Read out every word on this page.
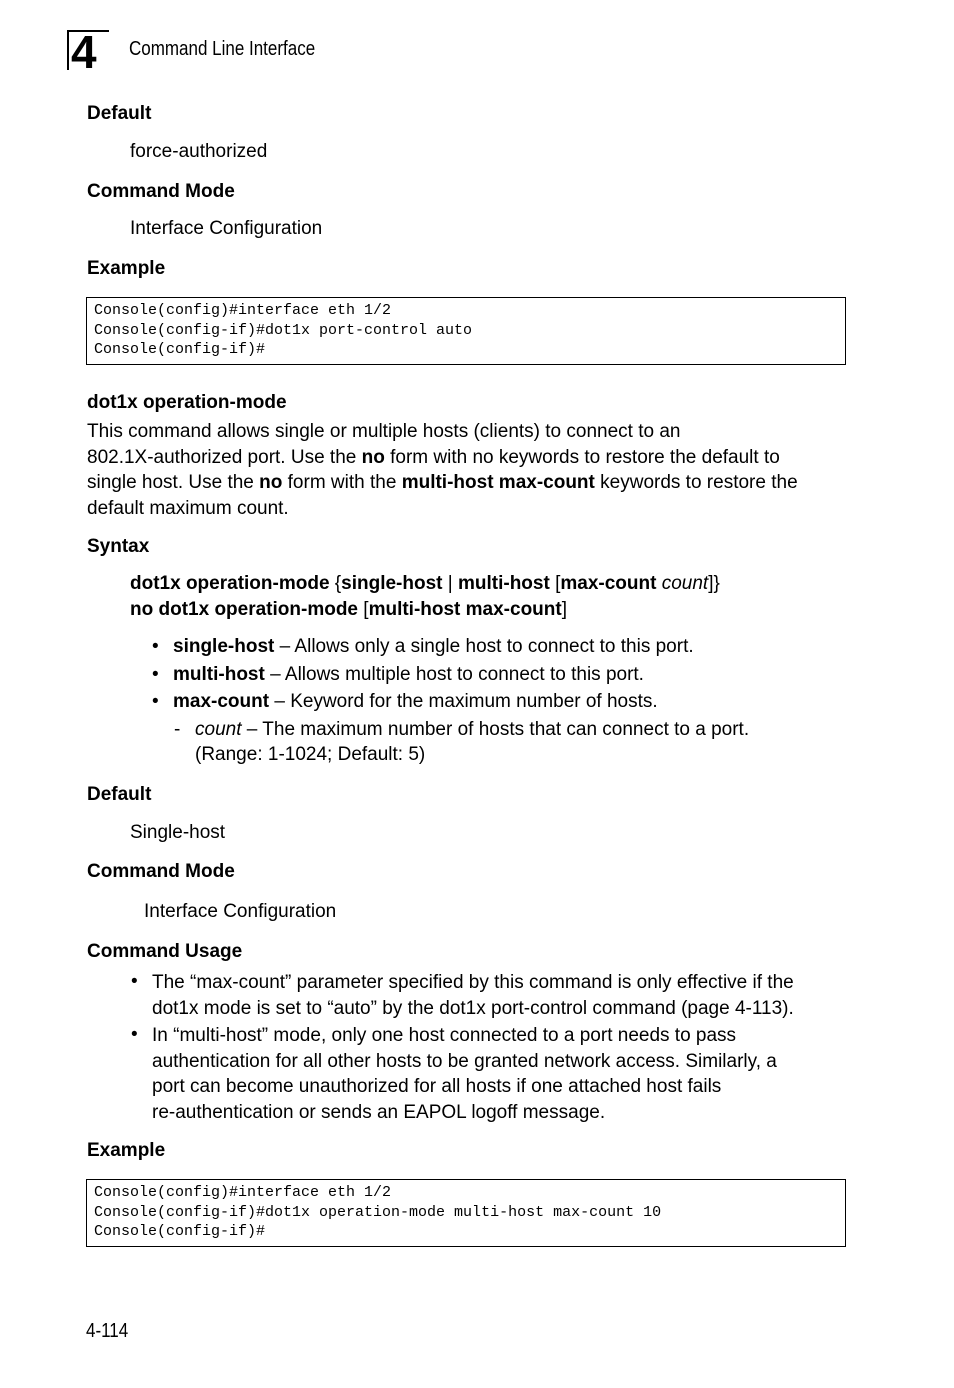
4	Command Line Interface
Default
force-authorized
Command Mode
Interface Configuration
Example
Console(config)#interface eth 1/2
Console(config-if)#dot1x port-control auto
Console(config-if)#
dot1x operation-mode
This command allows single or multiple hosts (clients) to connect to an
802.1X-authorized port. Use the no form with no keywords to restore the default to
single host. Use the no form with the multi-host max-count keywords to restore the
default maximum count.
Syntax
dot1x operation-mode {single-host | multi-host [max-count count]}
no dot1x operation-mode [multi-host max-count]
• single-host – Allows only a single host to connect to this port.
• multi-host – Allows multiple host to connect to this port.
• max-count – Keyword for the maximum number of hosts.
- count – The maximum number of hosts that can connect to a port.
(Range: 1-1024; Default: 5)
Default
Single-host
Command Mode
Interface Configuration
Command Usage
• The “max-count” parameter specified by this command is only effective if the
dot1x mode is set to “auto” by the dot1x port-control command (page 4-113).
• In “multi-host” mode, only one host connected to a port needs to pass
authentication for all other hosts to be granted network access. Similarly, a
port can become unauthorized for all hosts if one attached host fails
re-authentication or sends an EAPOL logoff message.
Example
Console(config)#interface eth 1/2
Console(config-if)#dot1x operation-mode multi-host max-count 10
Console(config-if)#
4-114
